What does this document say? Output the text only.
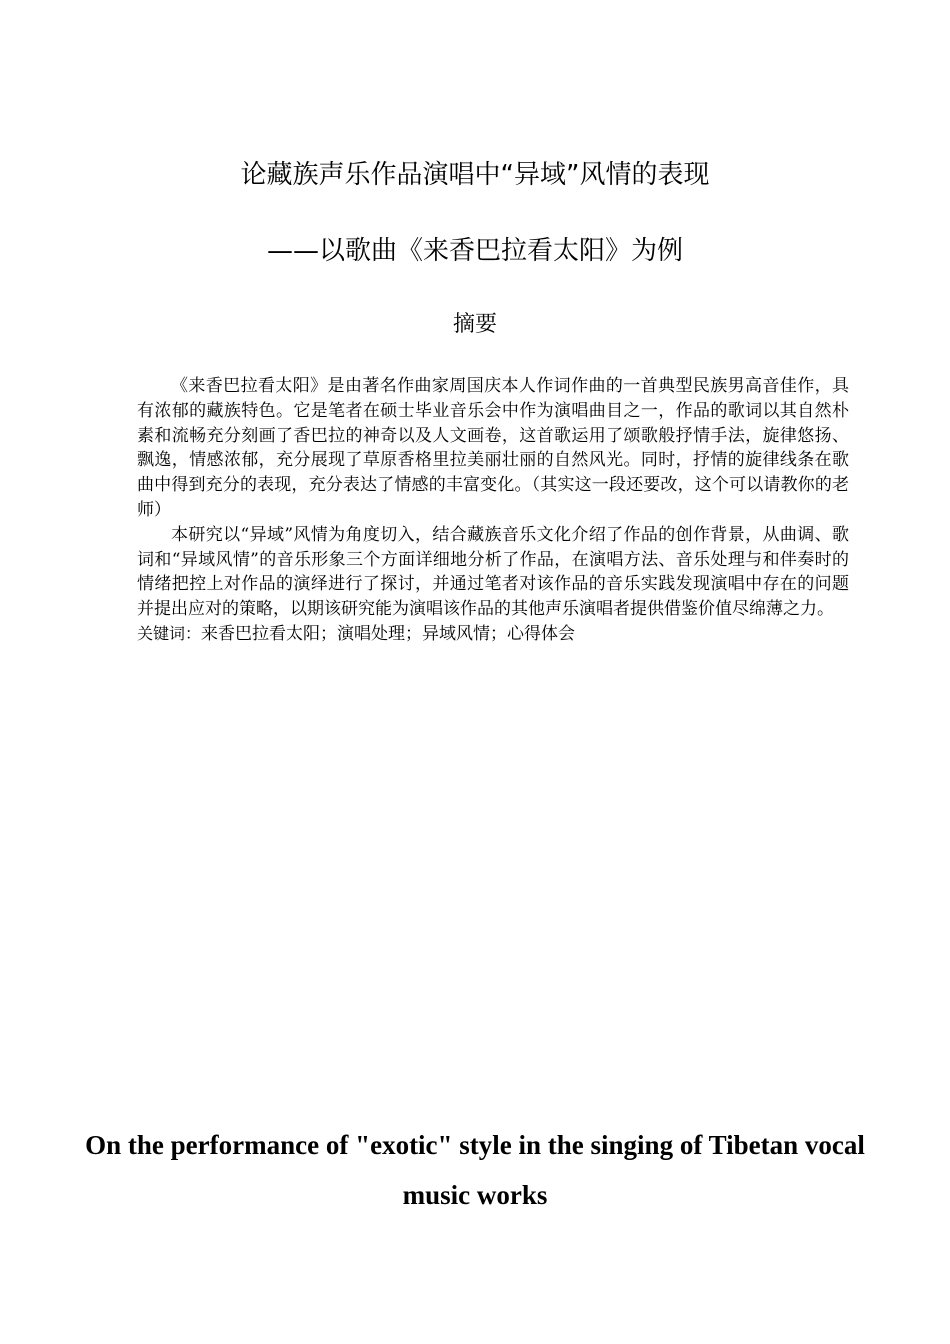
论藏族声乐作品演唱中“异域”风情的表现
——以歌曲《来香巴拉看太阳》为例
摘要

《来香巴拉看太阳》是由著名作曲家周国庆本人作词作曲的一首典型民族男高音佳作，具有浓郁的藏族特色。它是笔者在硕士毕业音乐会中作为演唱曲目之一，作品的歌词以其自然朴素和流畅充分刻画了香巴拉的神奇以及人文画卷，这首歌运用了颂歌般抒情手法，旋律悠扬、飘逸，情感浓郁，充分展现了草原香格里拉美丽壮丽的自然风光。同时，抒情的旋律线条在歌曲中得到充分的表现，充分表达了情感的丰富变化。（其实这一段还要改，这个可以请教你的老师）

本研究以“异域”风情为角度切入，结合藏族音乐文化介绍了作品的创作背景，从曲调、歌词和“异域风情”的音乐形象三个方面详细地分析了作品，在演唱方法、音乐处理与和伴奏时的情绪把控上对作品的演绎进行了探讨，并通过笔者对该作品的音乐实践发现演唱中存在的问题并提出应对的策略，以期该研究能为演唱该作品的其他声乐演唱者提供借鉴价值尽绵薄之力。

关键词：来香巴拉看太阳；演唱处理；异域风情；心得体会

On the performance of "exotic" style in the singing of Tibetan vocal music works
